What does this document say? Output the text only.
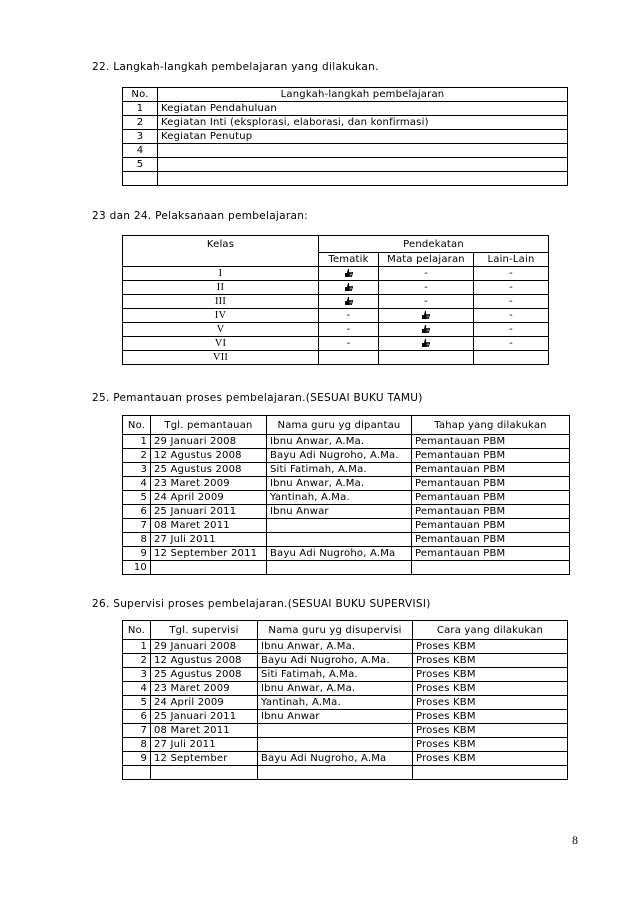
22. Langkah-langkah pembelajaran yang dilakukan.
No.	Langkah-langkah pembelajaran
1	Kegiatan Pendahuluan
2	Kegiatan Inti (eksplorasi, elaborasi, dan konfirmasi)
3	Kegiatan Penutup
4	
5	

23 dan 24. Pelaksanaan pembelajaran:
Kelas	Pendekatan		
	Tematik	Mata pelajaran	Lain-Lain
I		-	-
II		-	-
III		-	-
IV	-		-
V	-		-
VI	-		-
VII			
25. Pemantauan proses pembelajaran.(SESUAI BUKU TAMU)
No.	Tgl. pemantauan	Nama guru yg dipantau	Tahap yang dilakukan
1	29 Januari 2008	Ibnu Anwar, A.Ma.	Pemantauan PBM
2	12 Agustus 2008	Bayu Adi Nugroho, A.Ma.	Pemantauan PBM
3	25 Agustus 2008	Siti Fatimah, A.Ma.	Pemantauan PBM
4	23 Maret 2009	Ibnu Anwar, A.Ma.	Pemantauan PBM
5	24 April 2009	Yantinah, A.Ma.	Pemantauan PBM
6	25 Januari 2011	Ibnu Anwar	Pemantauan PBM
7	08 Maret 2011		Pemantauan PBM
8	27 Juli 2011		Pemantauan PBM
9	12 September 2011	Bayu Adi Nugroho, A.Ma	Pemantauan PBM
10			
26. Supervisi proses pembelajaran.(SESUAI BUKU SUPERVISI)
No.	Tgl. supervisi	Nama guru yg disupervisi	Cara yang dilakukan
1	29 Januari 2008	Ibnu Anwar, A.Ma.	Proses KBM
2	12 Agustus 2008	Bayu Adi Nugroho, A.Ma.	Proses KBM
3	25 Agustus 2008	Siti Fatimah, A.Ma.	Proses KBM
4	23 Maret 2009	Ibnu Anwar, A.Ma.	Proses KBM
5	24 April 2009	Yantinah, A.Ma.	Proses KBM
6	25 Januari 2011	Ibnu Anwar	Proses KBM
7	08 Maret 2011		Proses KBM
8	27 Juli 2011		Proses KBM
9	12 September	Bayu Adi Nugroho, A.Ma	Proses KBM

8
